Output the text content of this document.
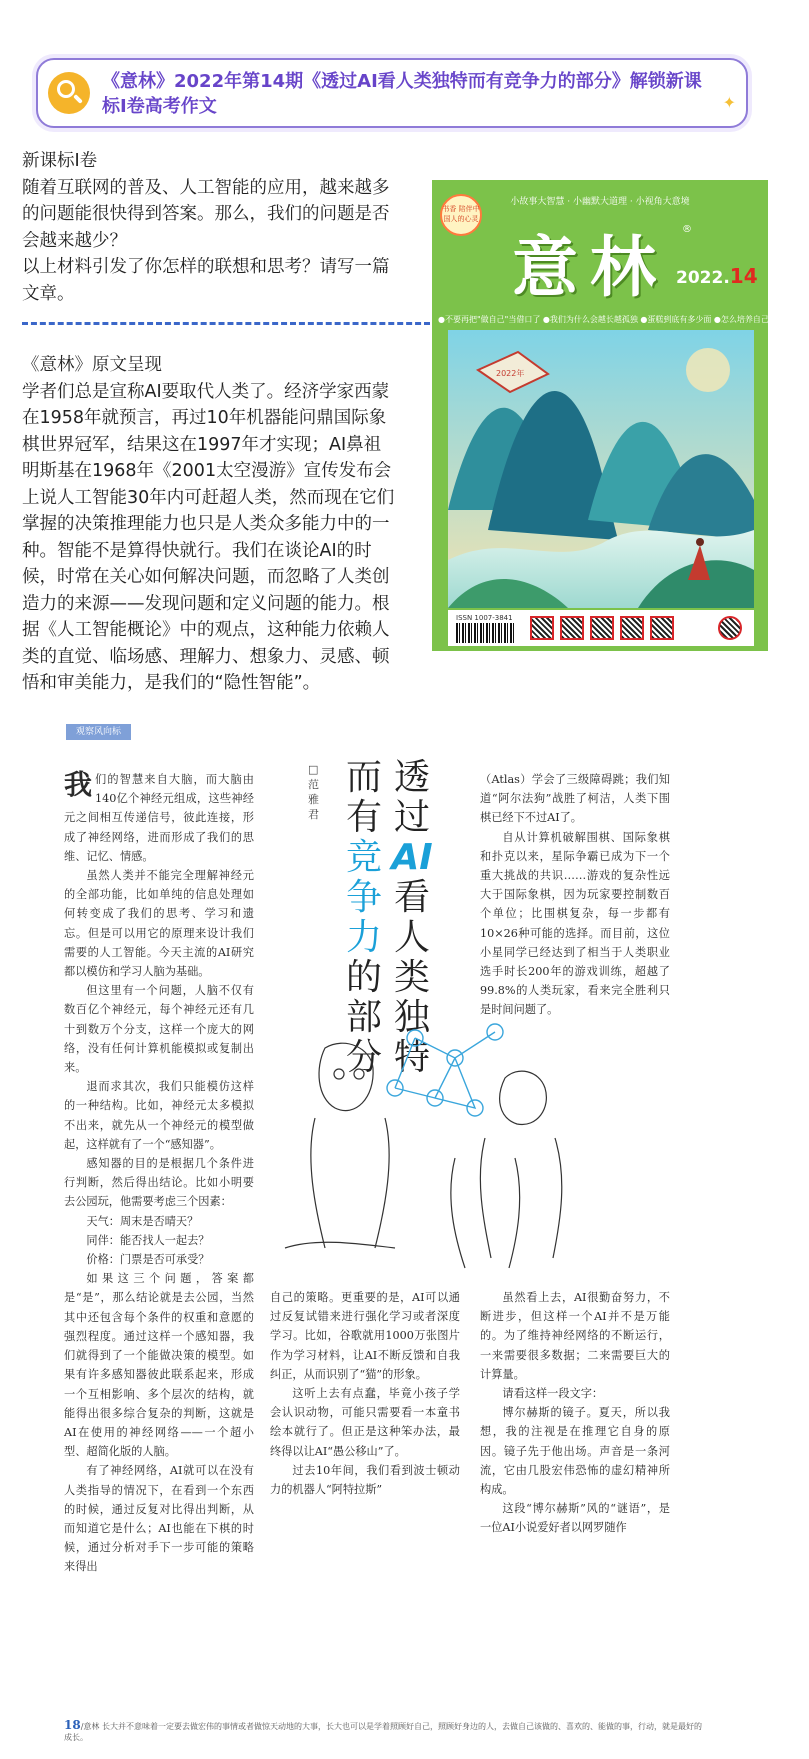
《意林》2022年第14期《透过AI看人类独特而有竞争力的部分》解锁新课标I卷高考作文	✦
新课标I卷
随着互联网的普及、人工智能的应用，越来越多的问题能很快得到答案。那么，我们的问题是否会越来越少？
以上材料引发了你怎样的联想和思考？请写一篇文章。
《意林》原文呈现
学者们总是宣称AI要取代人类了。经济学家西蒙在1958年就预言，再过10年机器能问鼎国际象棋世界冠军，结果这在1997年才实现；AI鼻祖明斯基在1968年《2001太空漫游》宣传发布会上说人工智能30年内可赶超人类，然而现在它们掌握的决策推理能力也只是人类众多能力中的一种。智能不是算得快就行。我们在谈论AI的时候，时常在关心如何解决问题，而忽略了人类创造力的来源——发现问题和定义问题的能力。根据《人工智能概论》中的观点，这种能力依赖人类的直觉、临场感、理解力、想象力、灵感、顿悟和审美能力，是我们的“隐性智能”。
小故事大智慧 · 小幽默大道理 · 小视角大意境
书香 陪伴中国人的心灵
意林 ®
2022.14
●不要再把"做自己"当借口了 ●我们为什么会越长越孤独 ●蛋糕到底有多少面 ●怎么培养自己的抗压能力
2022年
ISSN 1007-3841
观察风向标

我们的智慧来自大脑，而大脑由140亿个神经元组成，这些神经元之间相互传递信号，彼此连接，形成了神经网络，进而形成了我们的思维、记忆、情感。

虽然人类并不能完全理解神经元的全部功能，比如单纯的信息处理如何转变成了我们的思考、学习和遗忘。但是可以用它的原理来设计我们需要的人工智能。今天主流的AI研究都以模仿和学习人脑为基础。

但这里有一个问题，人脑不仅有数百亿个神经元，每个神经元还有几十到数万个分支，这样一个庞大的网络，没有任何计算机能模拟或复制出来。

退而求其次，我们只能模仿这样的一种结构。比如，神经元太多模拟不出来，就先从一个神经元的模型做起，这样就有了一个“感知器”。

感知器的目的是根据几个条件进行判断，然后得出结论。比如小明要去公园玩，他需要考虑三个因素：

天气：周末是否晴天？

同伴：能否找人一起去？

价格：门票是否可承受？

如果这三个问题，答案都是“是”，那么结论就是去公园，当然其中还包含每个条件的权重和意愿的强烈程度。通过这样一个感知器，我们就得到了一个能做决策的模型。如果有许多感知器彼此联系起来，形成一个互相影响、多个层次的结构，就能得出很多综合复杂的判断，这就是AI在使用的神经网络——一个超小型、超简化版的人脑。

有了神经网络，AI就可以在没有人类指导的情况下，在看到一个东西的时候，通过反复对比得出判断，从而知道它是什么；AI也能在下棋的时候，通过分析对手下一步可能的策略来得出

□范雅君
透
过
AI
看
人
类
独
特
而
有
竞
争
力
的
部
分

（Atlas）学会了三级障碍跳；我们知道“阿尔法狗”战胜了柯洁，人类下围棋已经下不过AI了。

自从计算机破解围棋、国际象棋和扑克以来，星际争霸已成为下一个重大挑战的共识……游戏的复杂性远大于国际象棋，因为玩家要控制数百个单位；比围棋复杂，每一步都有10×26种可能的选择。而目前，这位小星同学已经达到了相当于人类职业选手时长200年的游戏训练，超越了99.8%的人类玩家，看来完全胜利只是时间问题了。

自己的策略。更重要的是，AI可以通过反复试错来进行强化学习或者深度学习。比如，谷歌就用1000万张图片作为学习材料，让AI不断反馈和自我纠正，从而识别了“猫”的形象。

这听上去有点蠢，毕竟小孩子学会认识动物，可能只需要看一本童书绘本就行了。但正是这种笨办法，最终得以让AI“愚公移山”了。

过去10年间，我们看到波士顿动力的机器人“阿特拉斯”

虽然看上去，AI很勤奋努力，不断进步，但这样一个AI并不是万能的。为了维持神经网络的不断运行，一来需要很多数据；二来需要巨大的计算量。

请看这样一段文字：

博尔赫斯的镜子。夏天，所以我想，我的注视是在推理它自身的原因。镜子先于他出场。声音是一条河流，它由几股宏伟恐怖的虚幻精神所构成。

这段“博尔赫斯”风的“谜语”，是一位AI小说爱好者以网罗随作

18/意林 长大并不意味着一定要去做宏伟的事情或者做惊天动地的大事，长大也可以是学着照顾好自己，照顾好身边的人，去做自己该做的、喜欢的、能做的事，行动，就是最好的成长。
